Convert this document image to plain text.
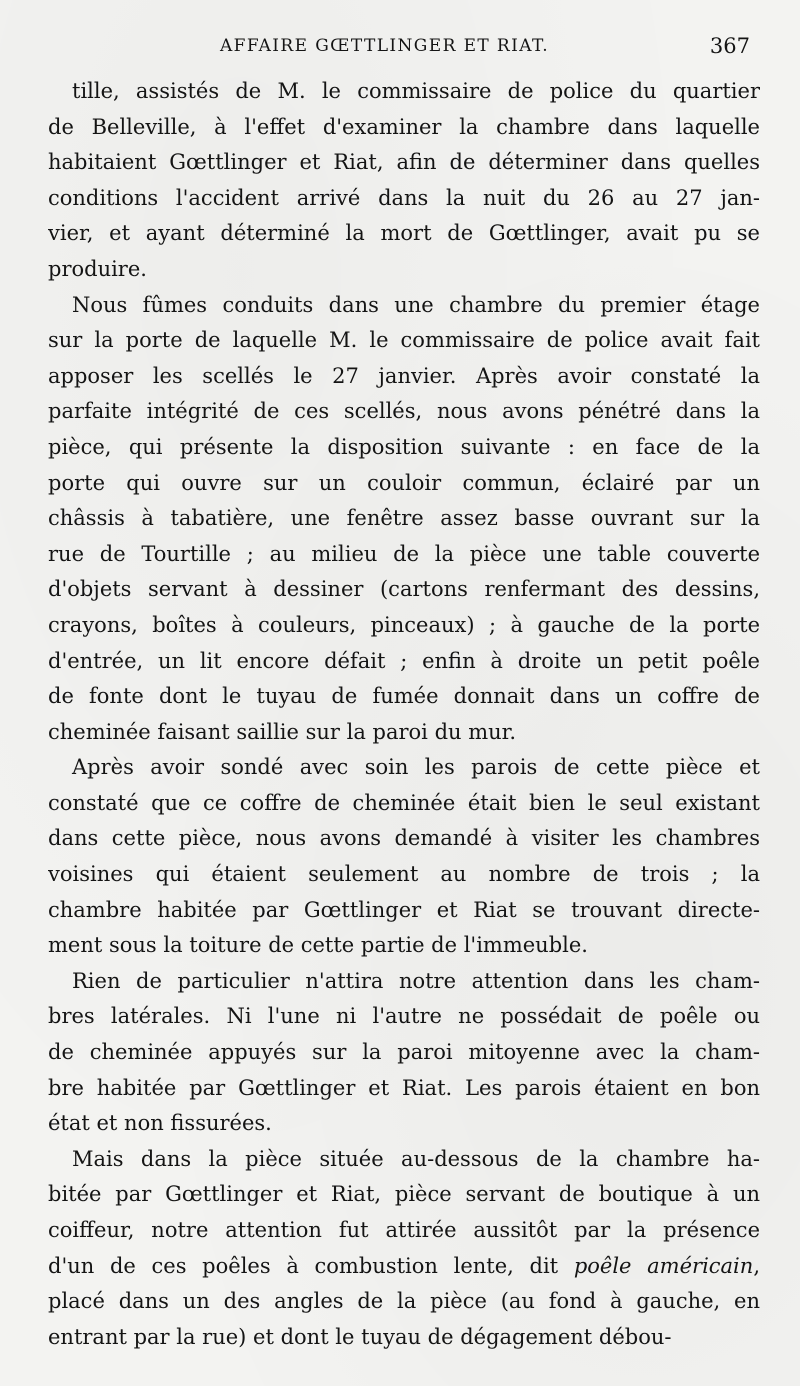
AFFAIRE GŒTTLINGER ET RIAT.	367
tille, assistés de M. le commissaire de police du quartier
de Belleville, à l'effet d'examiner la chambre dans laquelle
habitaient Gœttlinger et Riat, afin de déterminer dans quelles
conditions l'accident arrivé dans la nuit du 26 au 27 jan-
vier, et ayant déterminé la mort de Gœttlinger, avait pu se
produire.
Nous fûmes conduits dans une chambre du premier étage
sur la porte de laquelle M. le commissaire de police avait fait
apposer les scellés le 27 janvier. Après avoir constaté la
parfaite intégrité de ces scellés, nous avons pénétré dans la
pièce, qui présente la disposition suivante : en face de la
porte qui ouvre sur un couloir commun, éclairé par un
châssis à tabatière, une fenêtre assez basse ouvrant sur la
rue de Tourtille ; au milieu de la pièce une table couverte
d'objets servant à dessiner (cartons renfermant des dessins,
crayons, boîtes à couleurs, pinceaux) ; à gauche de la porte
d'entrée, un lit encore défait ; enfin à droite un petit poêle
de fonte dont le tuyau de fumée donnait dans un coffre de
cheminée faisant saillie sur la paroi du mur.
Après avoir sondé avec soin les parois de cette pièce et
constaté que ce coffre de cheminée était bien le seul existant
dans cette pièce, nous avons demandé à visiter les chambres
voisines qui étaient seulement au nombre de trois ; la
chambre habitée par Gœttlinger et Riat se trouvant directe-
ment sous la toiture de cette partie de l'immeuble.
Rien de particulier n'attira notre attention dans les cham-
bres latérales. Ni l'une ni l'autre ne possédait de poêle ou
de cheminée appuyés sur la paroi mitoyenne avec la cham-
bre habitée par Gœttlinger et Riat. Les parois étaient en bon
état et non fissurées.
Mais dans la pièce située au-dessous de la chambre ha-
bitée par Gœttlinger et Riat, pièce servant de boutique à un
coiffeur, notre attention fut attirée aussitôt par la présence
d'un de ces poêles à combustion lente, dit poêle américain,
placé dans un des angles de la pièce (au fond à gauche, en
entrant par la rue) et dont le tuyau de dégagement débou-
